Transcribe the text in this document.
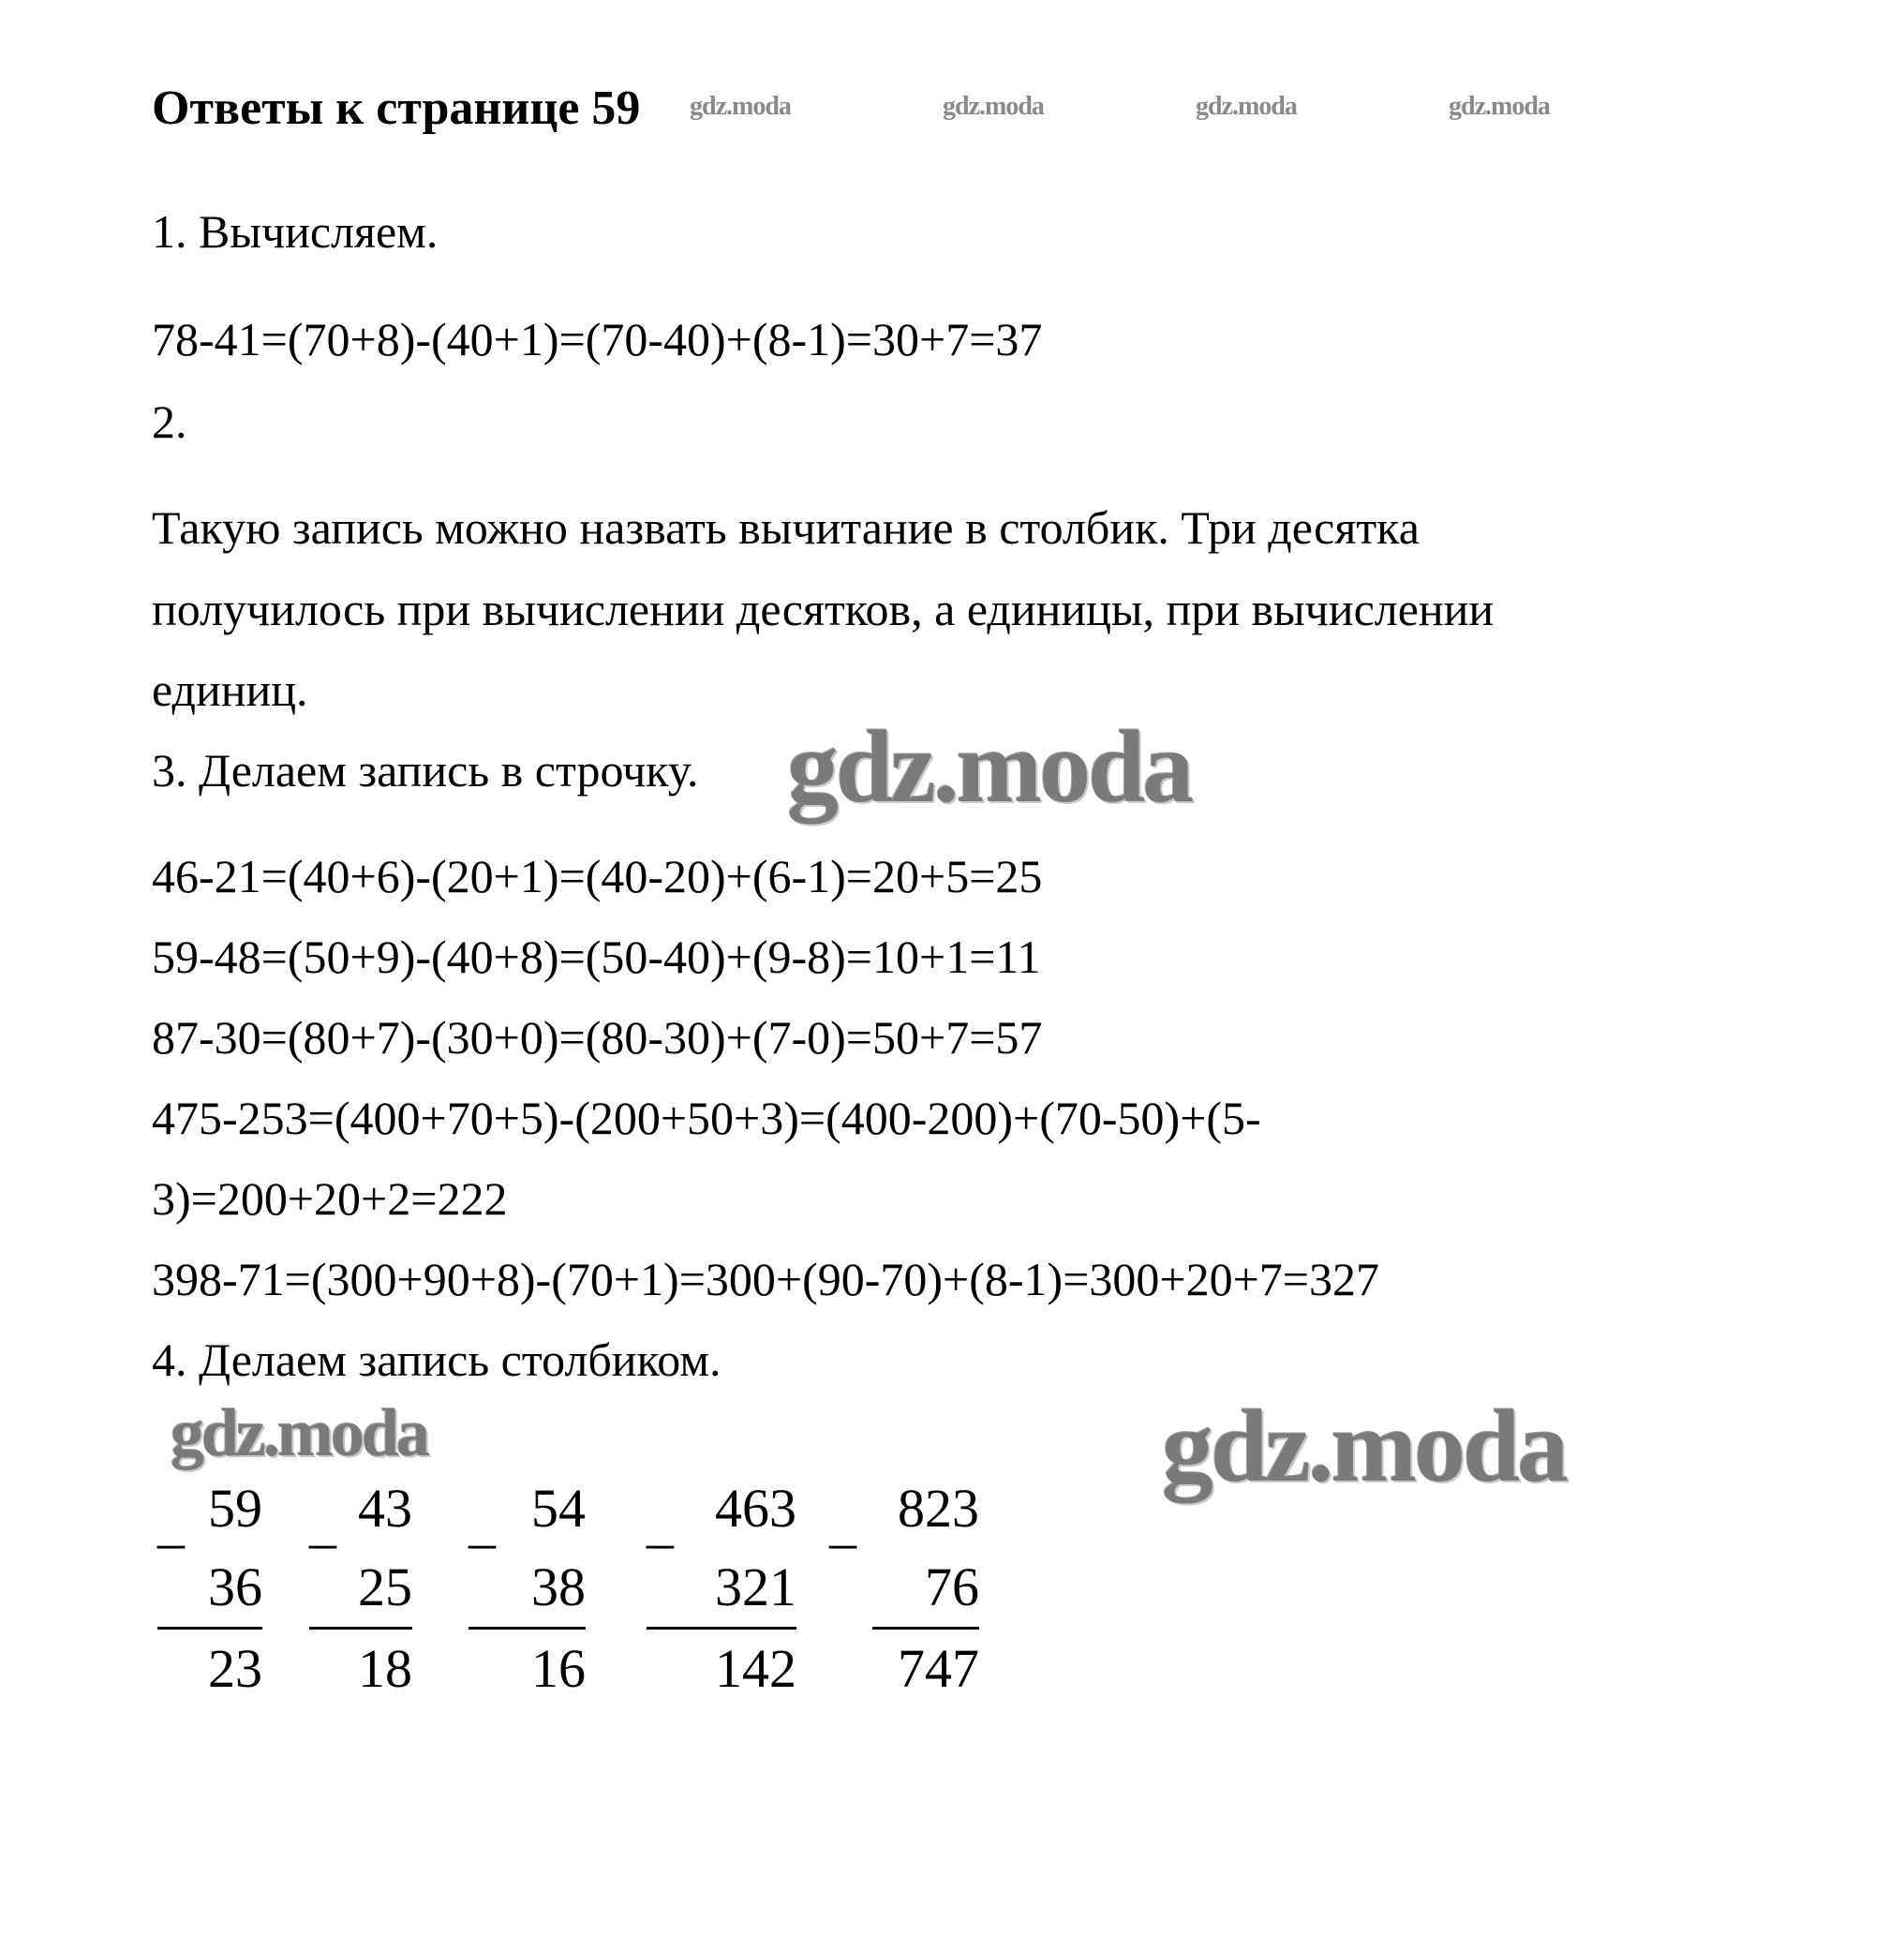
Ответы к странице 59 gdz.moda	gdz.moda	gdz.moda	gdz.moda
1. Вычисляем.
78-41=(70+8)-(40+1)=(70-40)+(8-1)=30+7=37
2.
Такую запись можно назвать вычитание в столбик. Три десятка
получилось при вычислении десятков, а единицы, при вычислении
единиц.
3. Делаем запись в строчку. gdz.moda
46-21=(40+6)-(20+1)=(40-20)+(6-1)=20+5=25
59-48=(50+9)-(40+8)=(50-40)+(9-8)=10+1=11
87-30=(80+7)-(30+0)=(80-30)+(7-0)=50+7=57
475-253=(400+70+5)-(200+50+3)=(400-200)+(70-50)+(5-
3)=200+20+2=222
398-71=(300+90+8)-(70+1)=300+(90-70)+(8-1)=300+20+7=327
4. Делаем запись столбиком.
gdz.moda	gdz.moda
_ 59
36
23
_ 43
25
18
_ 54
38
16
_ 463
321
142
_ 823
76
747
